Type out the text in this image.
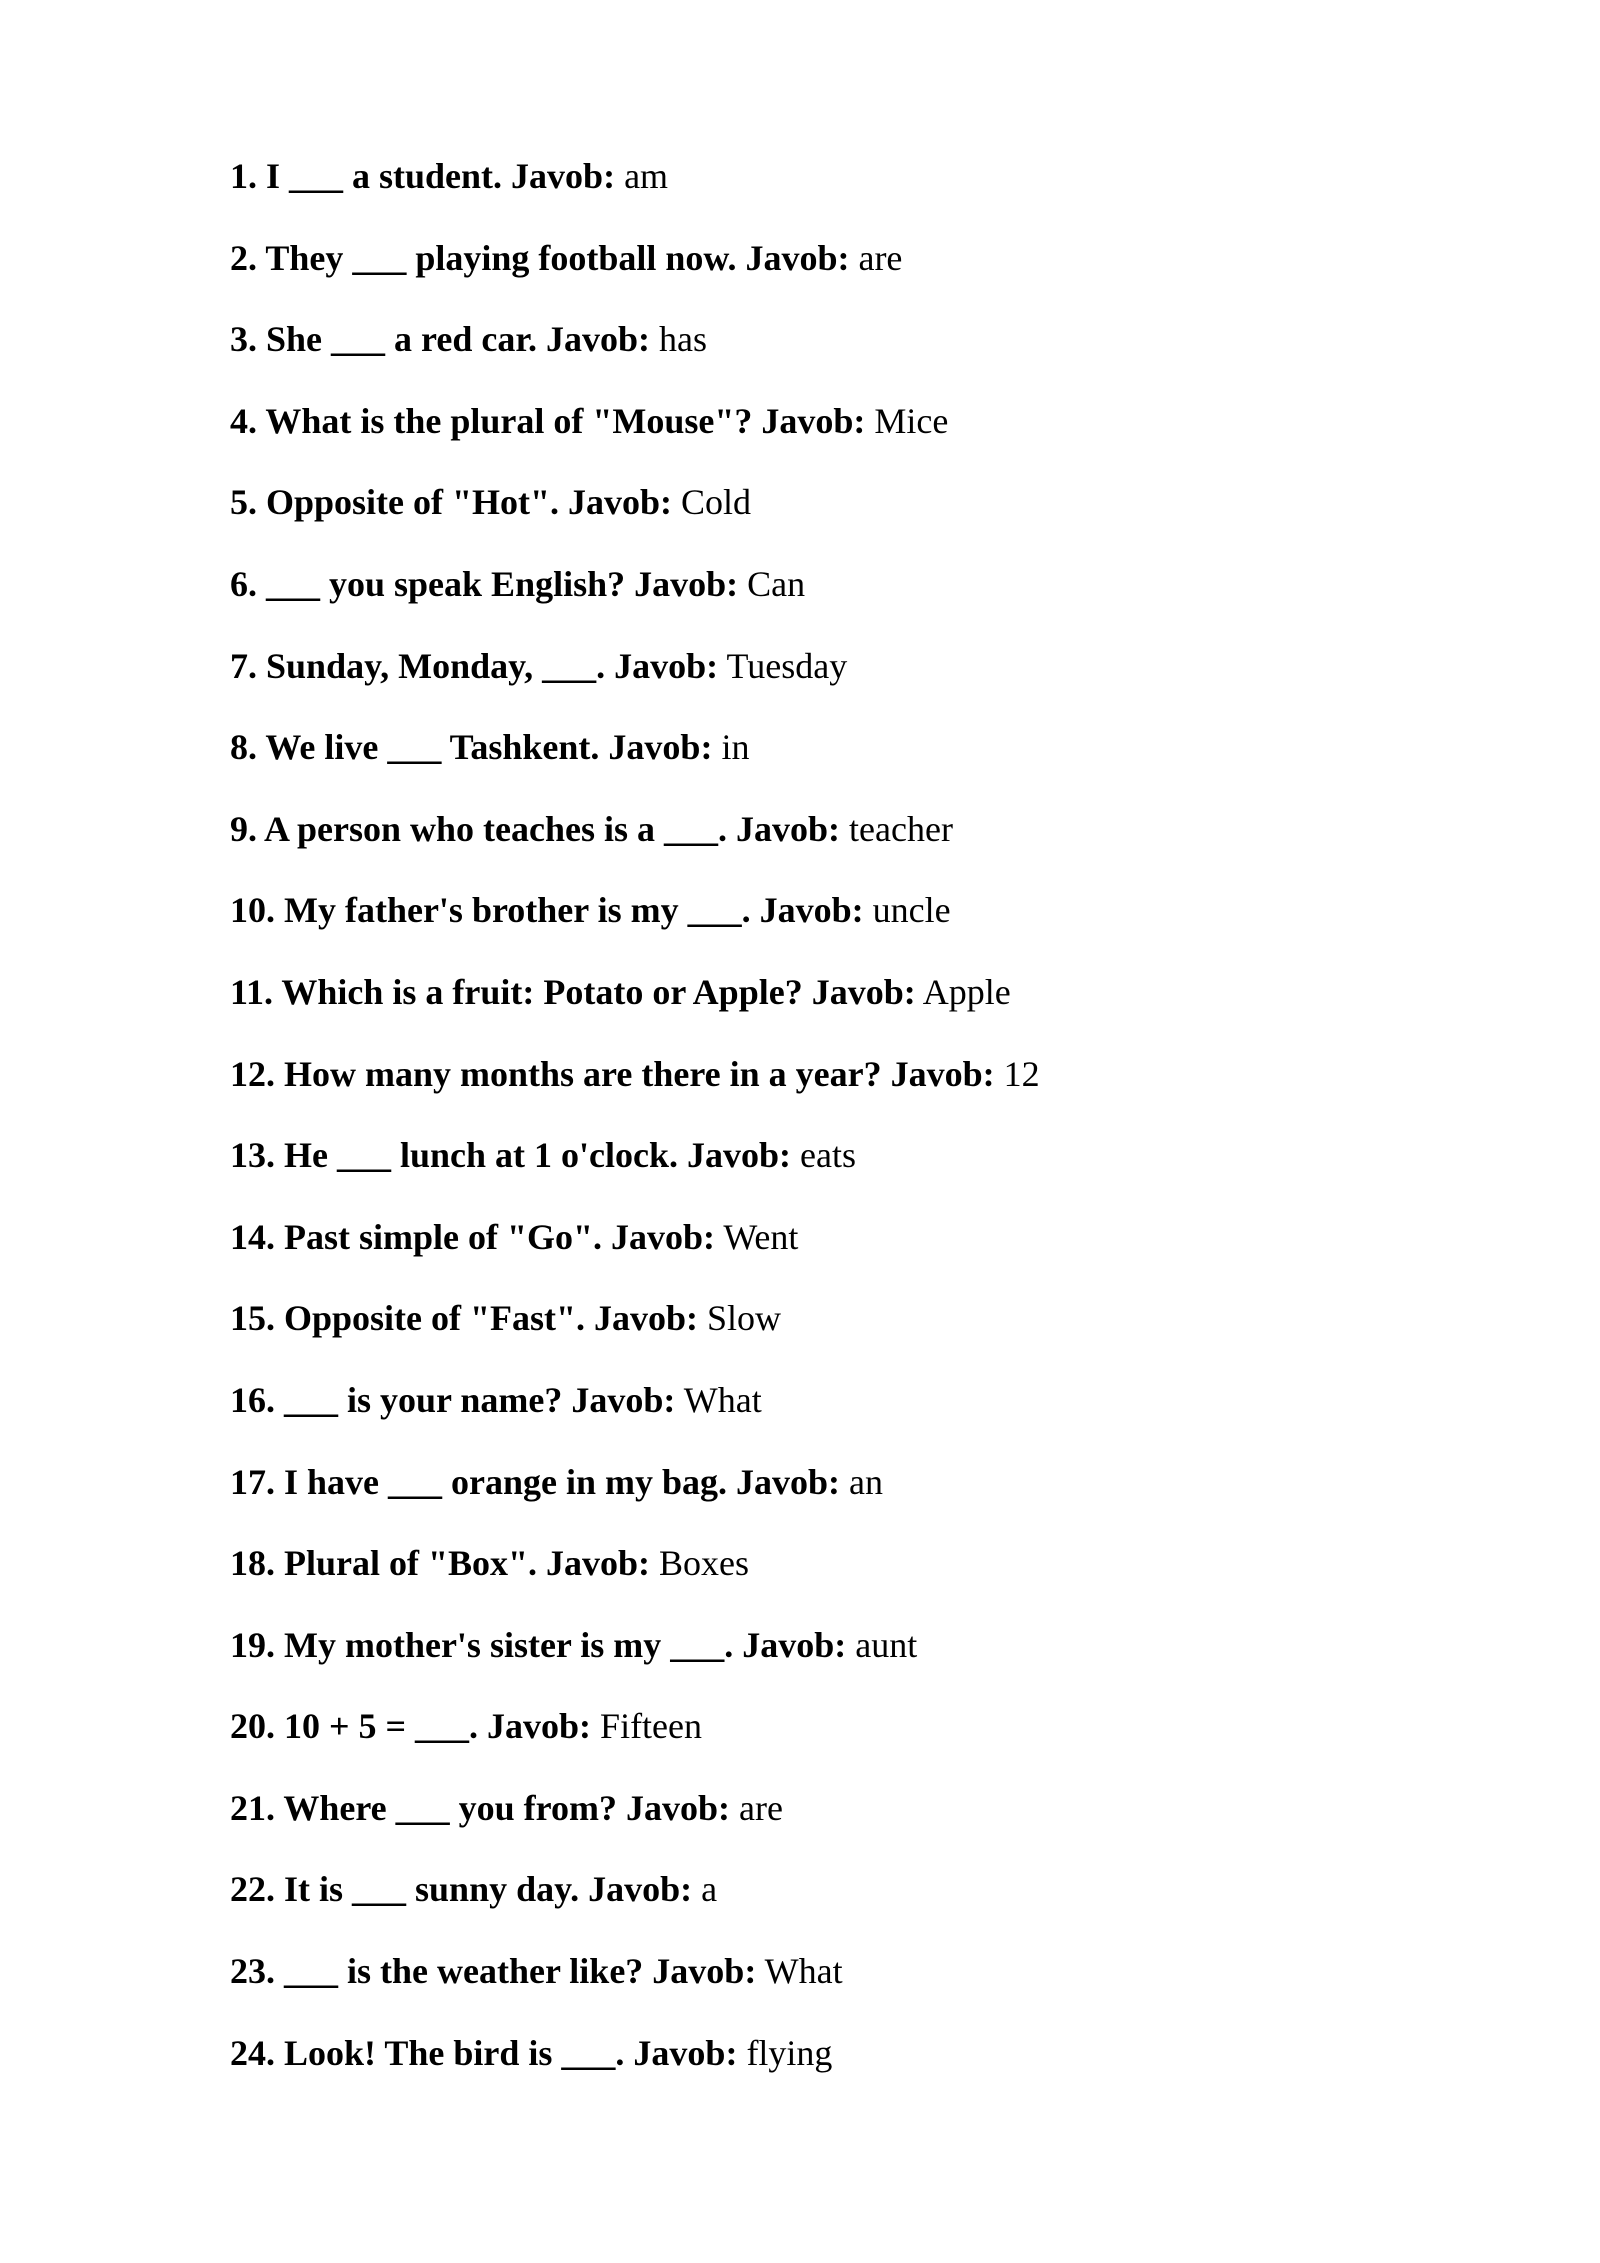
1. I ___ a student. Javob: am
2. They ___ playing football now. Javob: are
3. She ___ a red car. Javob: has
4. What is the plural of "Mouse"? Javob: Mice
5. Opposite of "Hot". Javob: Cold
6. ___ you speak English? Javob: Can
7. Sunday, Monday, ___. Javob: Tuesday
8. We live ___ Tashkent. Javob: in
9. A person who teaches is a ___. Javob: teacher
10. My father's brother is my ___. Javob: uncle
11. Which is a fruit: Potato or Apple? Javob: Apple
12. How many months are there in a year? Javob: 12
13. He ___ lunch at 1 o'clock. Javob: eats
14. Past simple of "Go". Javob: Went
15. Opposite of "Fast". Javob: Slow
16. ___ is your name? Javob: What
17. I have ___ orange in my bag. Javob: an
18. Plural of "Box". Javob: Boxes
19. My mother's sister is my ___. Javob: aunt
20. 10 + 5 = ___. Javob: Fifteen
21. Where ___ you from? Javob: are
22. It is ___ sunny day. Javob: a
23. ___ is the weather like? Javob: What
24. Look! The bird is ___. Javob: flying
